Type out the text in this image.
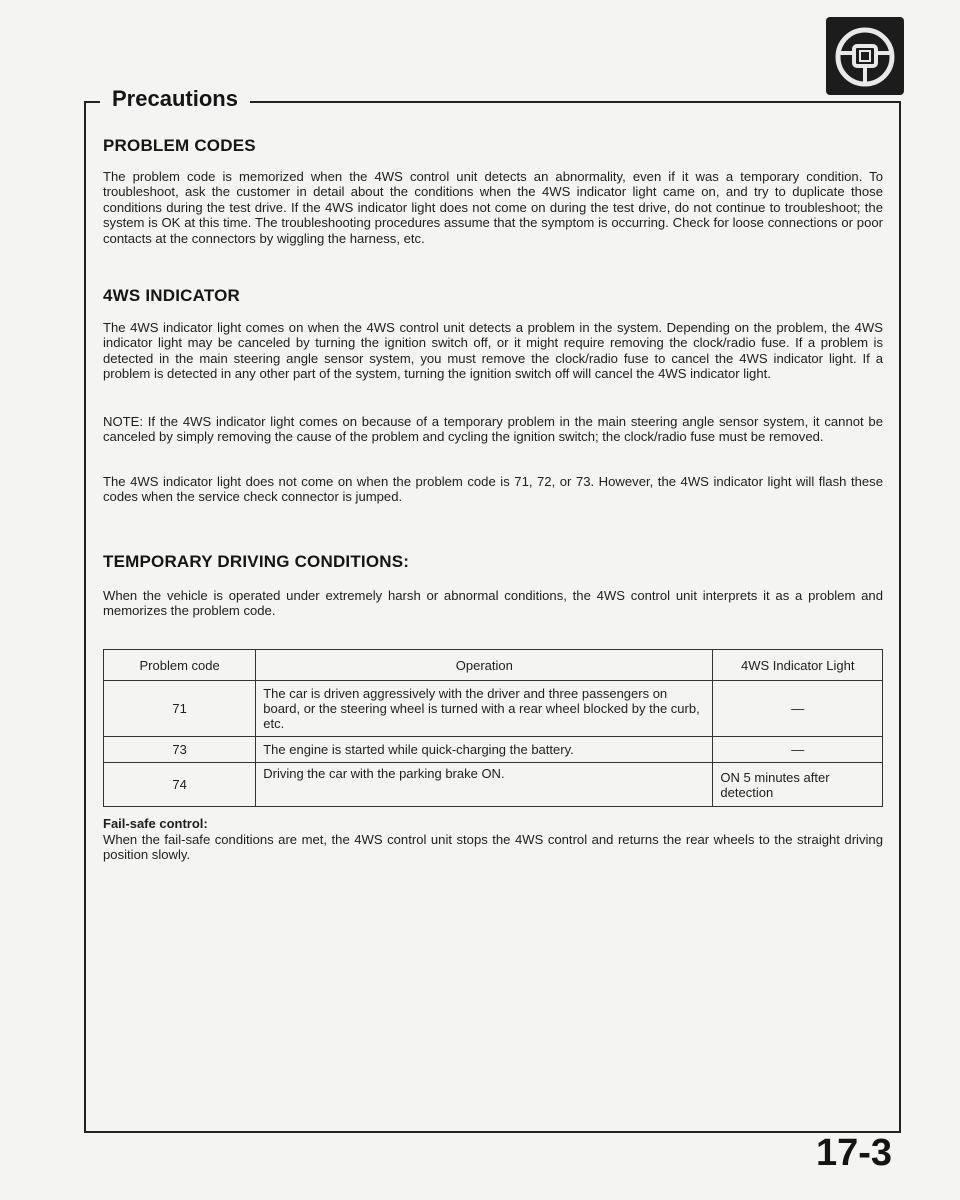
Precautions
PROBLEM CODES

The problem code is memorized when the 4WS control unit detects an abnormality, even if it was a temporary condition. To troubleshoot, ask the customer in detail about the conditions when the 4WS indicator light came on, and try to duplicate those conditions during the test drive. If the 4WS indicator light does not come on during the test drive, do not continue to troubleshoot; the system is OK at this time. The troubleshooting procedures assume that the symptom is occurring. Check for loose connections or poor contacts at the connectors by wiggling the harness, etc.

4WS INDICATOR

The 4WS indicator light comes on when the 4WS control unit detects a problem in the system. Depending on the problem, the 4WS indicator light may be canceled by turning the ignition switch off, or it might require removing the clock/radio fuse. If a problem is detected in the main steering angle sensor system, you must remove the clock/radio fuse to cancel the 4WS indicator light. If a problem is detected in any other part of the system, turning the ignition switch off will cancel the 4WS indicator light.

NOTE: If the 4WS indicator light comes on because of a temporary problem in the main steering angle sensor system, it cannot be canceled by simply removing the cause of the problem and cycling the ignition switch; the clock/radio fuse must be removed.

The 4WS indicator light does not come on when the problem code is 71, 72, or 73. However, the 4WS indicator light will flash these codes when the service check connector is jumped.

TEMPORARY DRIVING CONDITIONS:

When the vehicle is operated under extremely harsh or abnormal conditions, the 4WS control unit interprets it as a problem and memorizes the problem code.

Problem code	Operation	4WS Indicator Light
71	The car is driven aggressively with the driver and three passengers on board, or the steering wheel is turned with a rear wheel blocked by the curb, etc.	—
73	The engine is started while quick-charging the battery.	—
74	Driving the car with the parking brake ON.	ON 5 minutes after detection

Fail-safe control:

When the fail-safe conditions are met, the 4WS control unit stops the 4WS control and returns the rear wheels to the straight driving position slowly.

17-3
